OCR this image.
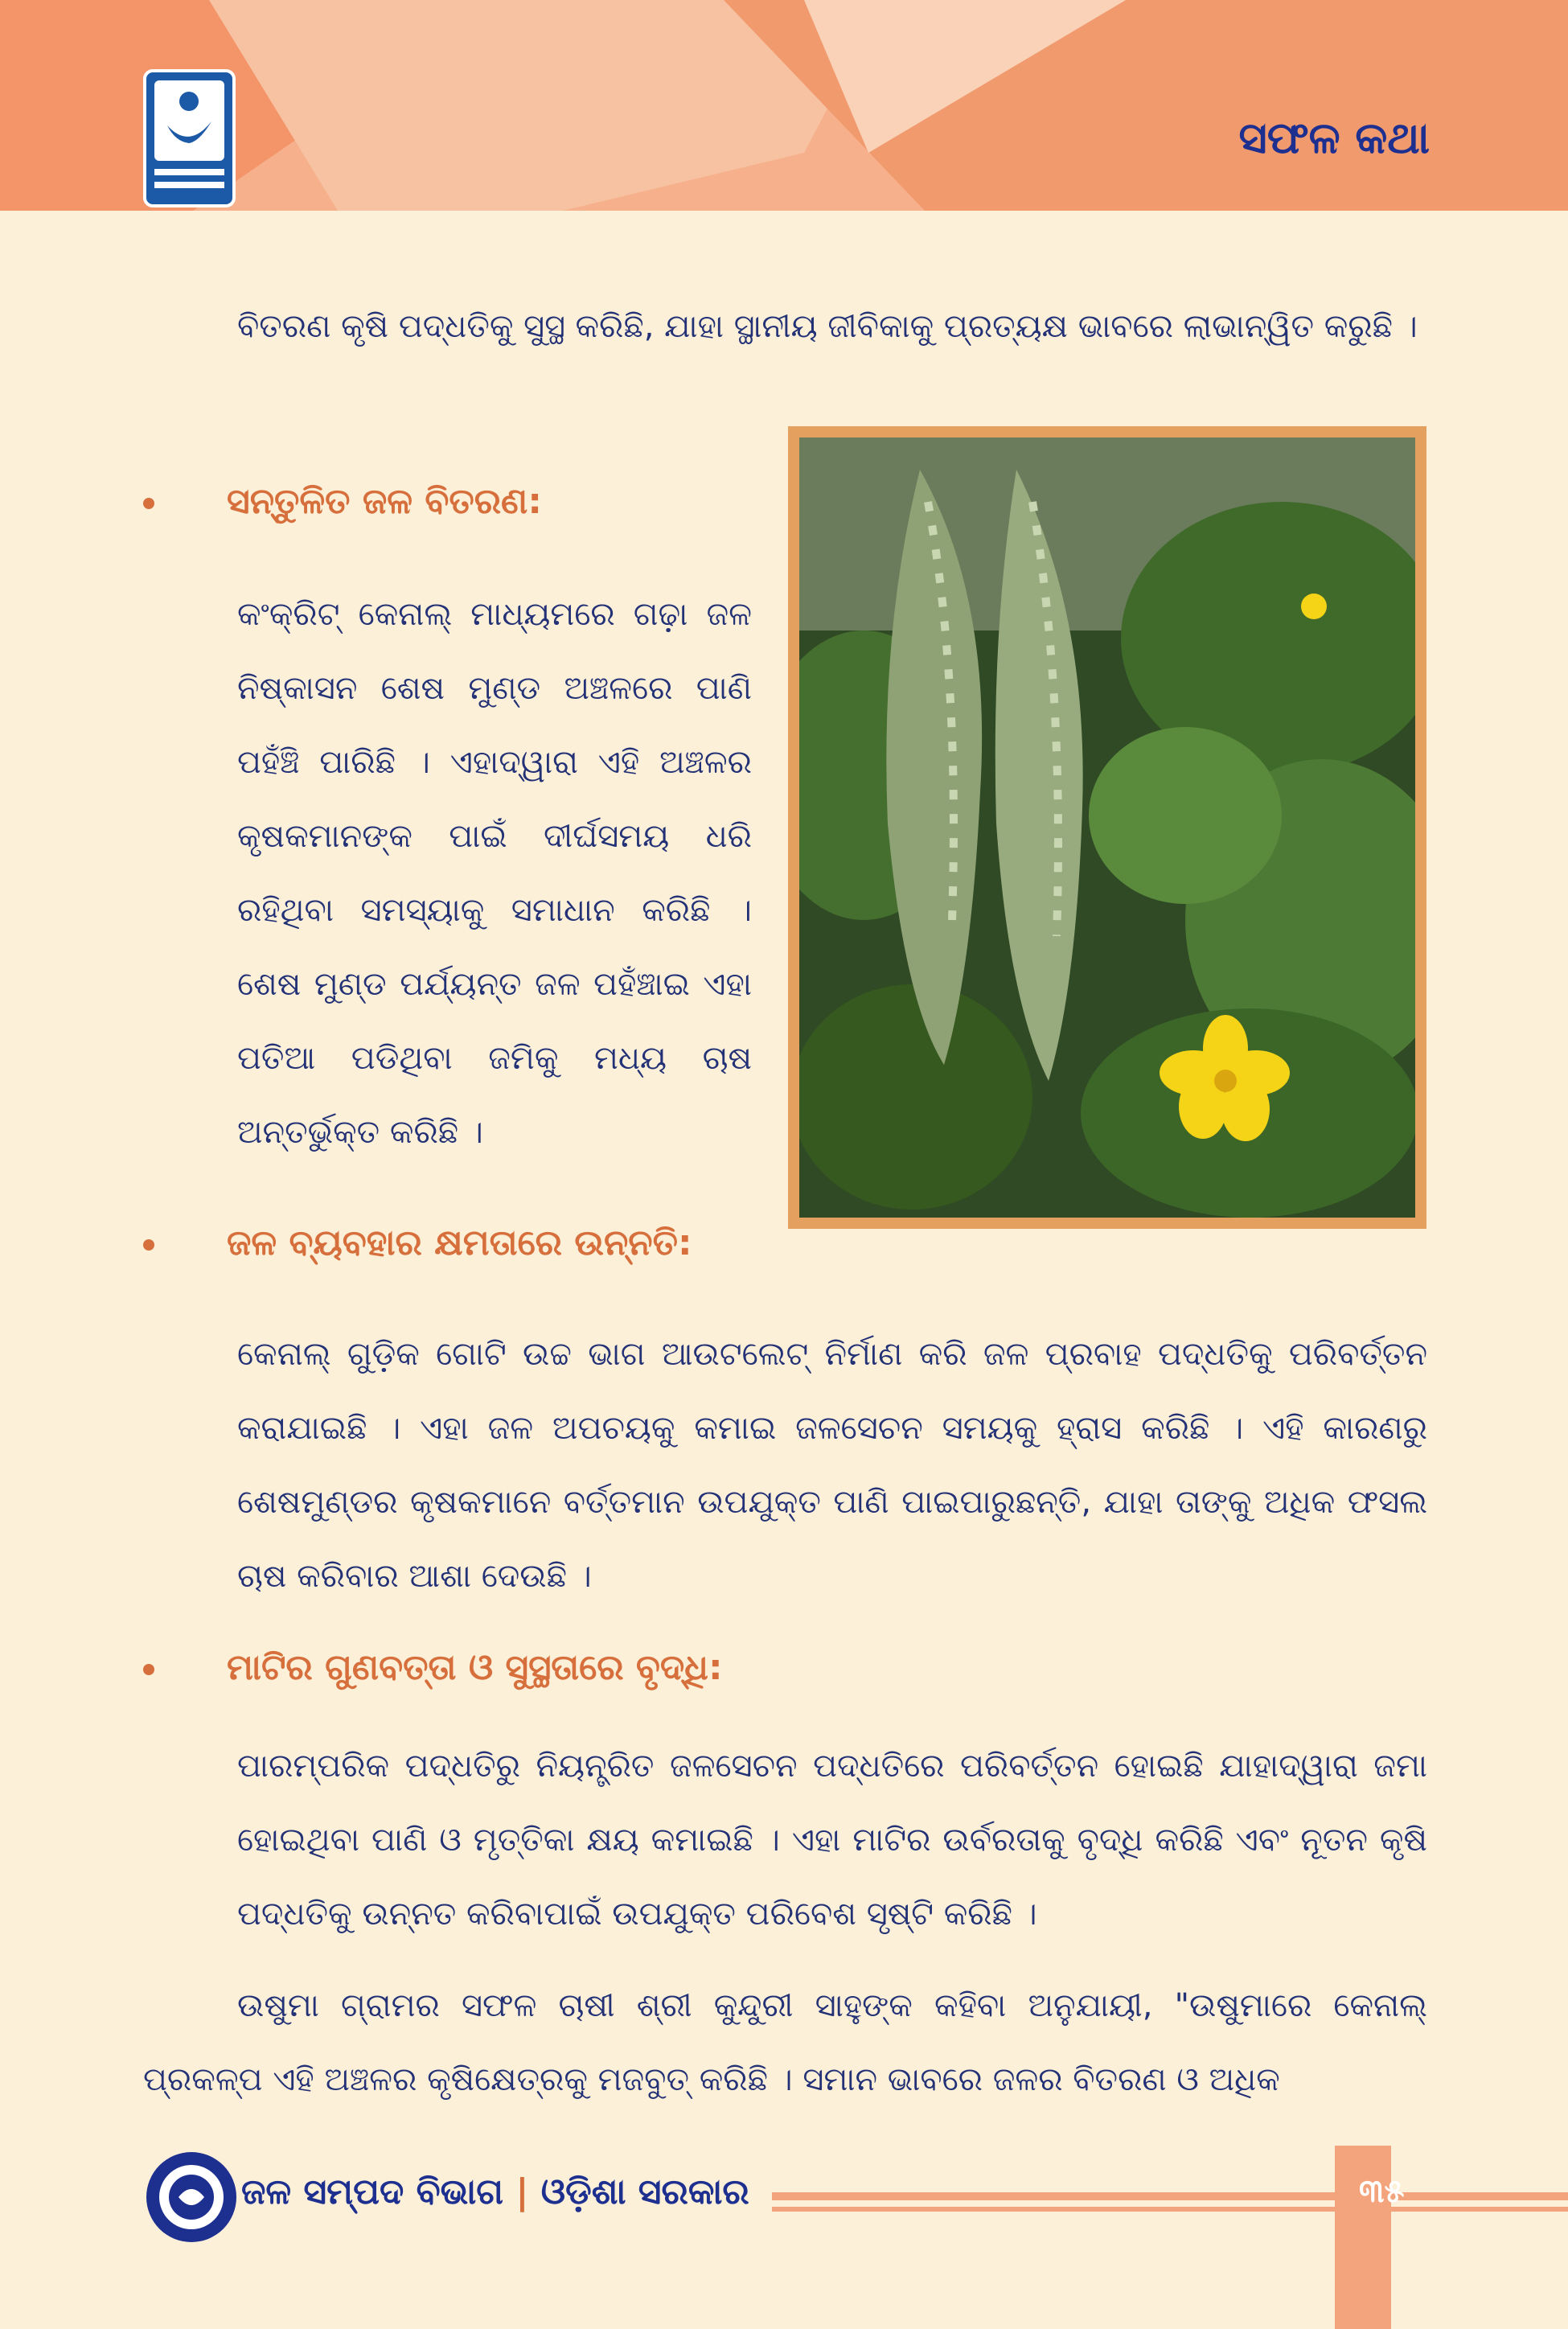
ସଫଳ କଥା

ବିତରଣ କୃଷି ପଦ୍ଧତିକୁ ସୁସ୍ଥ କରିଛି, ଯାହା ସ୍ଥାନୀୟ ଜୀବିକାକୁ ପ୍ରତ୍ୟକ୍ଷ ଭାବରେ ଲାଭାନ୍ୱିତ କରୁଛି ।

ସନ୍ତୁଳିତ ଜଳ ବିତରଣ:

କଂକ୍ରିଟ୍ କେନାଲ୍ ମାଧ୍ୟମରେ ଗଢ଼ା ଜଳ ନିଷ୍କାସନ ଶେଷ ମୁଣ୍ଡ ଅଞ୍ଚଳରେ ପାଣି ପହଁଞ୍ଚି ପାରିଛି । ଏହାଦ୍ୱାରା ଏହି ଅଞ୍ଚଳର କୃଷକମାନଙ୍କ ପାଇଁ ଦୀର୍ଘସମୟ ଧରି ରହିଥିବା ସମସ୍ୟାକୁ ସମାଧାନ କରିଛି । ଶେଷ ମୁଣ୍ଡ ପର୍ଯ୍ୟନ୍ତ ଜଳ ପହଁଞ୍ଚାଇ ଏହା ପତିଆ ପଡିଥିବା ଜମିକୁ ମଧ୍ୟ ଚାଷ ଅନ୍ତର୍ଭୁକ୍ତ କରିଛି ।

ଜଳ ବ୍ୟବହାର କ୍ଷମତାରେ ଉନ୍ନତି:

କେନାଲ୍ ଗୁଡ଼ିକ ଗୋଟି ଉଚ୍ଚ ଭାଗ ଆଉଟଲେଟ୍ ନିର୍ମାଣ କରି ଜଳ ପ୍ରବାହ ପଦ୍ଧତିକୁ ପରିବର୍ତ୍ତନ କରାଯାଇଛି । ଏହା ଜଳ ଅପଚୟକୁ କମାଇ ଜଳସେଚନ ସମୟକୁ ହ୍ରାସ କରିଛି । ଏହି କାରଣରୁ ଶେଷମୁଣ୍ଡର କୃଷକମାନେ ବର୍ତ୍ତମାନ ଉପଯୁକ୍ତ ପାଣି ପାଇପାରୁଛନ୍ତି, ଯାହା ତାଙ୍କୁ ଅଧିକ ଫସଲ ଚାଷ କରିବାର ଆଶା ଦେଉଛି ।

ମାଟିର ଗୁଣବତ୍ତା ଓ ସୁସ୍ଥତାରେ ବୃଦ୍ଧି:

ପାରମ୍ପରିକ ପଦ୍ଧତିରୁ ନିୟନ୍ତ୍ରିତ ଜଳସେଚନ ପଦ୍ଧତିରେ ପରିବର୍ତ୍ତନ ହୋଇଛି ଯାହାଦ୍ୱାରା ଜମା ହୋଇଥିବା ପାଣି ଓ ମୃତ୍ତିକା କ୍ଷୟ କମାଇଛି । ଏହା ମାଟିର ଉର୍ବରତାକୁ ବୃଦ୍ଧି କରିଛି ଏବଂ ନୂତନ କୃଷି ପଦ୍ଧତିକୁ ଉନ୍ନତ କରିବାପାଇଁ ଉପଯୁକ୍ତ ପରିବେଶ ସୃଷ୍ଟି କରିଛି ।

ଉଷୁମା ଗ୍ରାମର ସଫଳ ଚାଷୀ ଶ୍ରୀ କୁନ୍ଦୁରୀ ସାହୁଙ୍କ କହିବା ଅନୁଯାୟୀ, "ଉଷୁମାରେ କେନାଲ୍ ପ୍ରକଳ୍ପ ଏହି ଅଞ୍ଚଳର କୃଷିକ୍ଷେତ୍ରକୁ ମଜବୁତ୍ କରିଛି । ସମାନ ଭାବରେ ଜଳର ବିତରଣ ଓ ଅଧିକ

ଜଳ ସମ୍ପଦ ବିଭାଗ | ଓଡ଼ିଶା ସରକାର	୩୫
